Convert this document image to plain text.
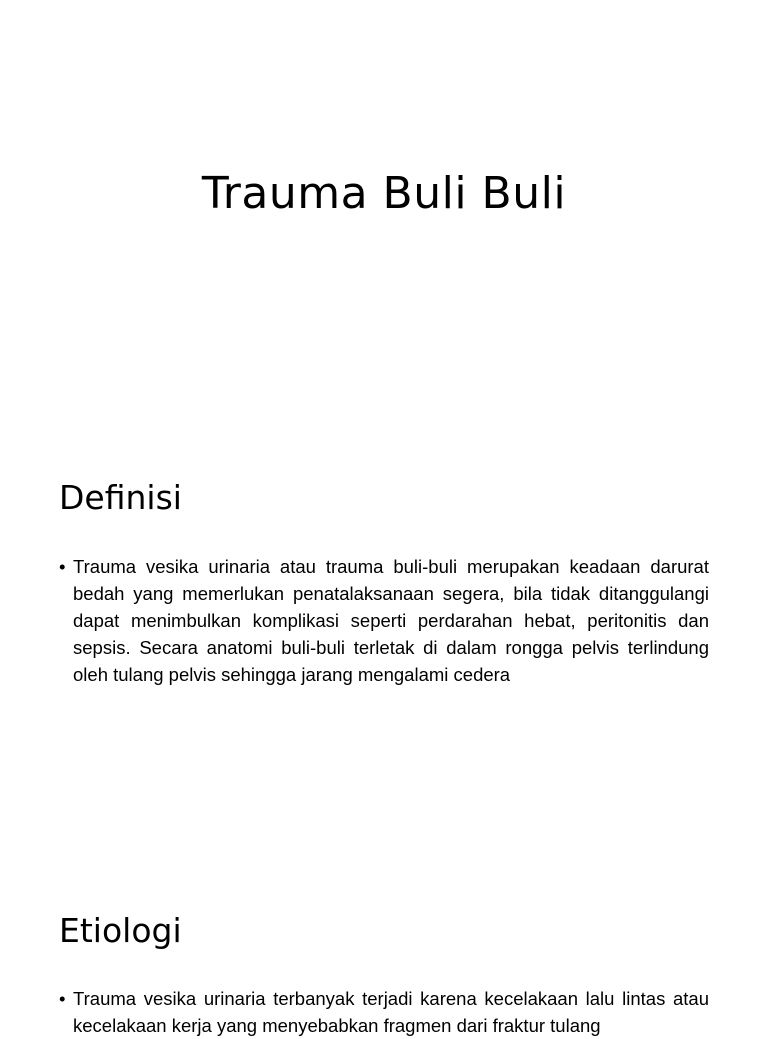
Trauma Buli Buli
Definisi
• Trauma vesika urinaria atau trauma buli-buli merupakan keadaan darurat bedah yang memerlukan penatalaksanaan segera, bila tidak ditanggulangi dapat menimbulkan komplikasi seperti perdarahan hebat, peritonitis dan sepsis. Secara anatomi buli-buli terletak di dalam rongga pelvis terlindung oleh tulang pelvis sehingga jarang mengalami cedera
Etiologi
• Trauma vesika urinaria terbanyak terjadi karena kecelakaan lalu lintas atau kecelakaan kerja yang menyebabkan fragmen dari fraktur tulang
